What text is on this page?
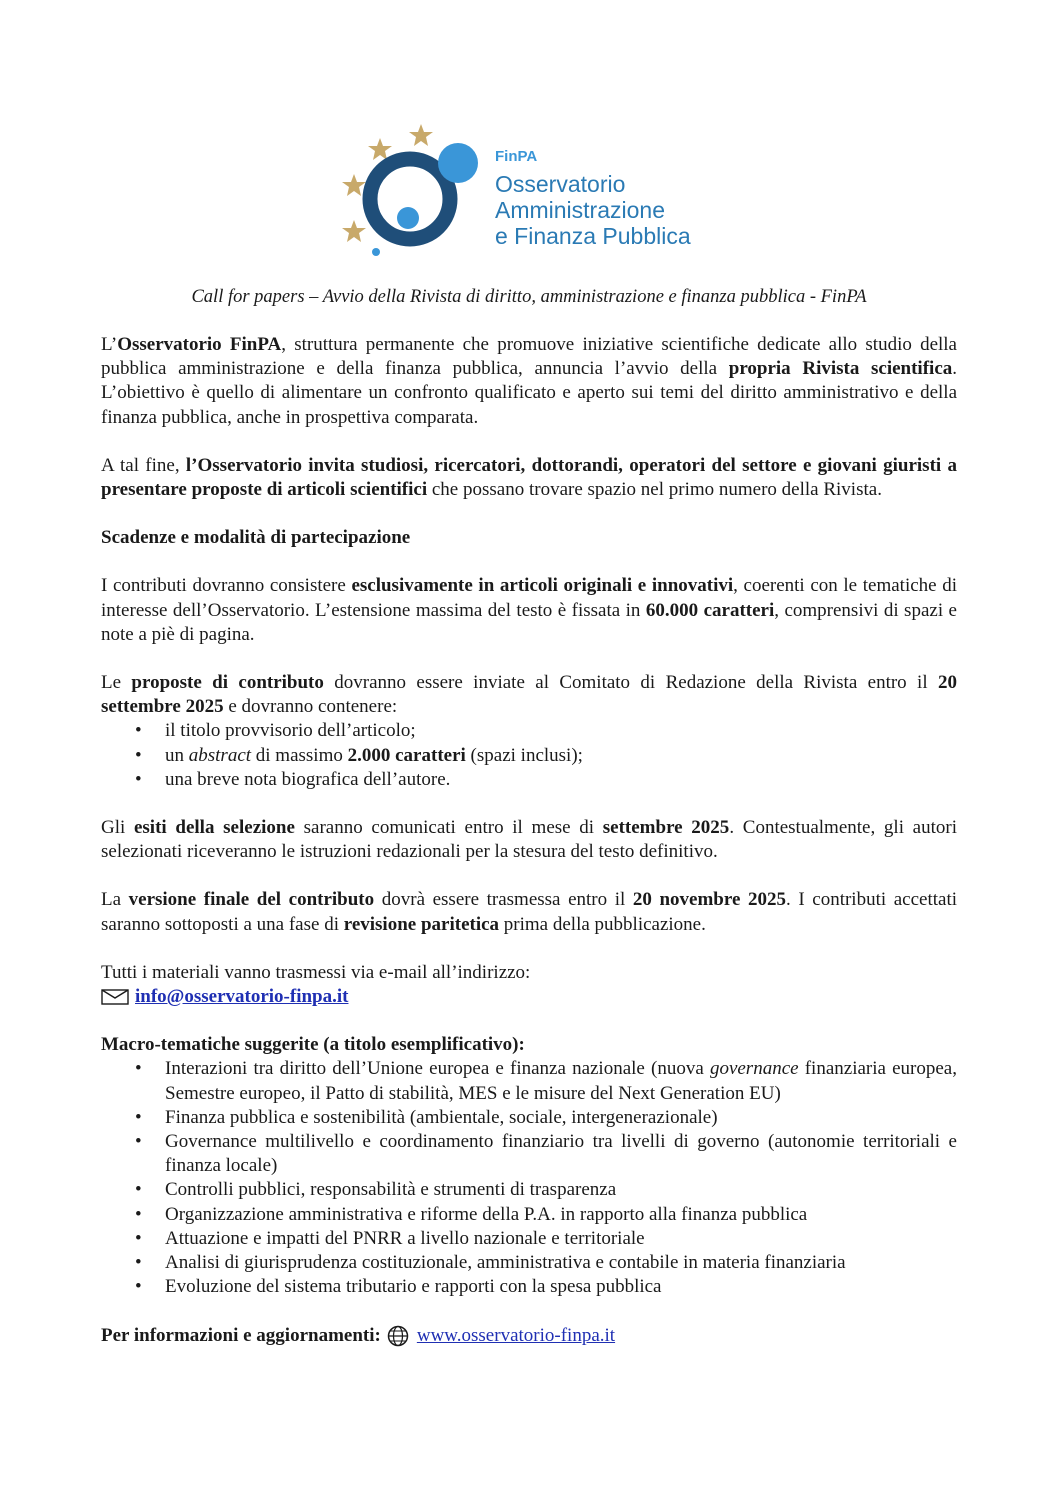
FinPA
Osservatorio
Amministrazione
e Finanza Pubblica
Call for papers – Avvio della Rivista di diritto, amministrazione e finanza pubblica - FinPA

L’Osservatorio FinPA, struttura permanente che promuove iniziative scientifiche dedicate allo studio della pubblica amministrazione e della finanza pubblica, annuncia l’avvio della propria Rivista scientifica. L’obiettivo è quello di alimentare un confronto qualificato e aperto sui temi del diritto amministrativo e della finanza pubblica, anche in prospettiva comparata.

A tal fine, l’Osservatorio invita studiosi, ricercatori, dottorandi, operatori del settore e giovani giuristi a presentare proposte di articoli scientifici che possano trovare spazio nel primo numero della Rivista.

Scadenze e modalità di partecipazione

I contributi dovranno consistere esclusivamente in articoli originali e innovativi, coerenti con le tematiche di interesse dell’Osservatorio. L’estensione massima del testo è fissata in 60.000 caratteri, comprensivi di spazi e note a piè di pagina.

Le proposte di contributo dovranno essere inviate al Comitato di Redazione della Rivista entro il 20 settembre 2025 e dovranno contenere:
• il titolo provvisorio dell’articolo;
• un abstract di massimo 2.000 caratteri (spazi inclusi);
• una breve nota biografica dell’autore.

Gli esiti della selezione saranno comunicati entro il mese di settembre 2025. Contestualmente, gli autori selezionati riceveranno le istruzioni redazionali per la stesura del testo definitivo.

La versione finale del contributo dovrà essere trasmessa entro il 20 novembre 2025. I contributi accettati saranno sottoposti a una fase di revisione paritetica prima della pubblicazione.

Tutti i materiali vanno trasmessi via e-mail all’indirizzo:
info@osservatorio-finpa.it
Macro-tematiche suggerite (a titolo esemplificativo):
• Interazioni tra diritto dell’Unione europea e finanza nazionale (nuova governance finanziaria europea, Semestre europeo, il Patto di stabilità, MES e le misure del Next Generation EU)
• Finanza pubblica e sostenibilità (ambientale, sociale, intergenerazionale)
• Governance multilivello e coordinamento finanziario tra livelli di governo (autonomie territoriali e finanza locale)
• Controlli pubblici, responsabilità e strumenti di trasparenza
• Organizzazione amministrativa e riforme della P.A. in rapporto alla finanza pubblica
• Attuazione e impatti del PNRR a livello nazionale e territoriale
• Analisi di giurisprudenza costituzionale, amministrativa e contabile in materia finanziaria
• Evoluzione del sistema tributario e rapporti con la spesa pubblica
Per informazioni e aggiornamenti: www.osservatorio-finpa.it
